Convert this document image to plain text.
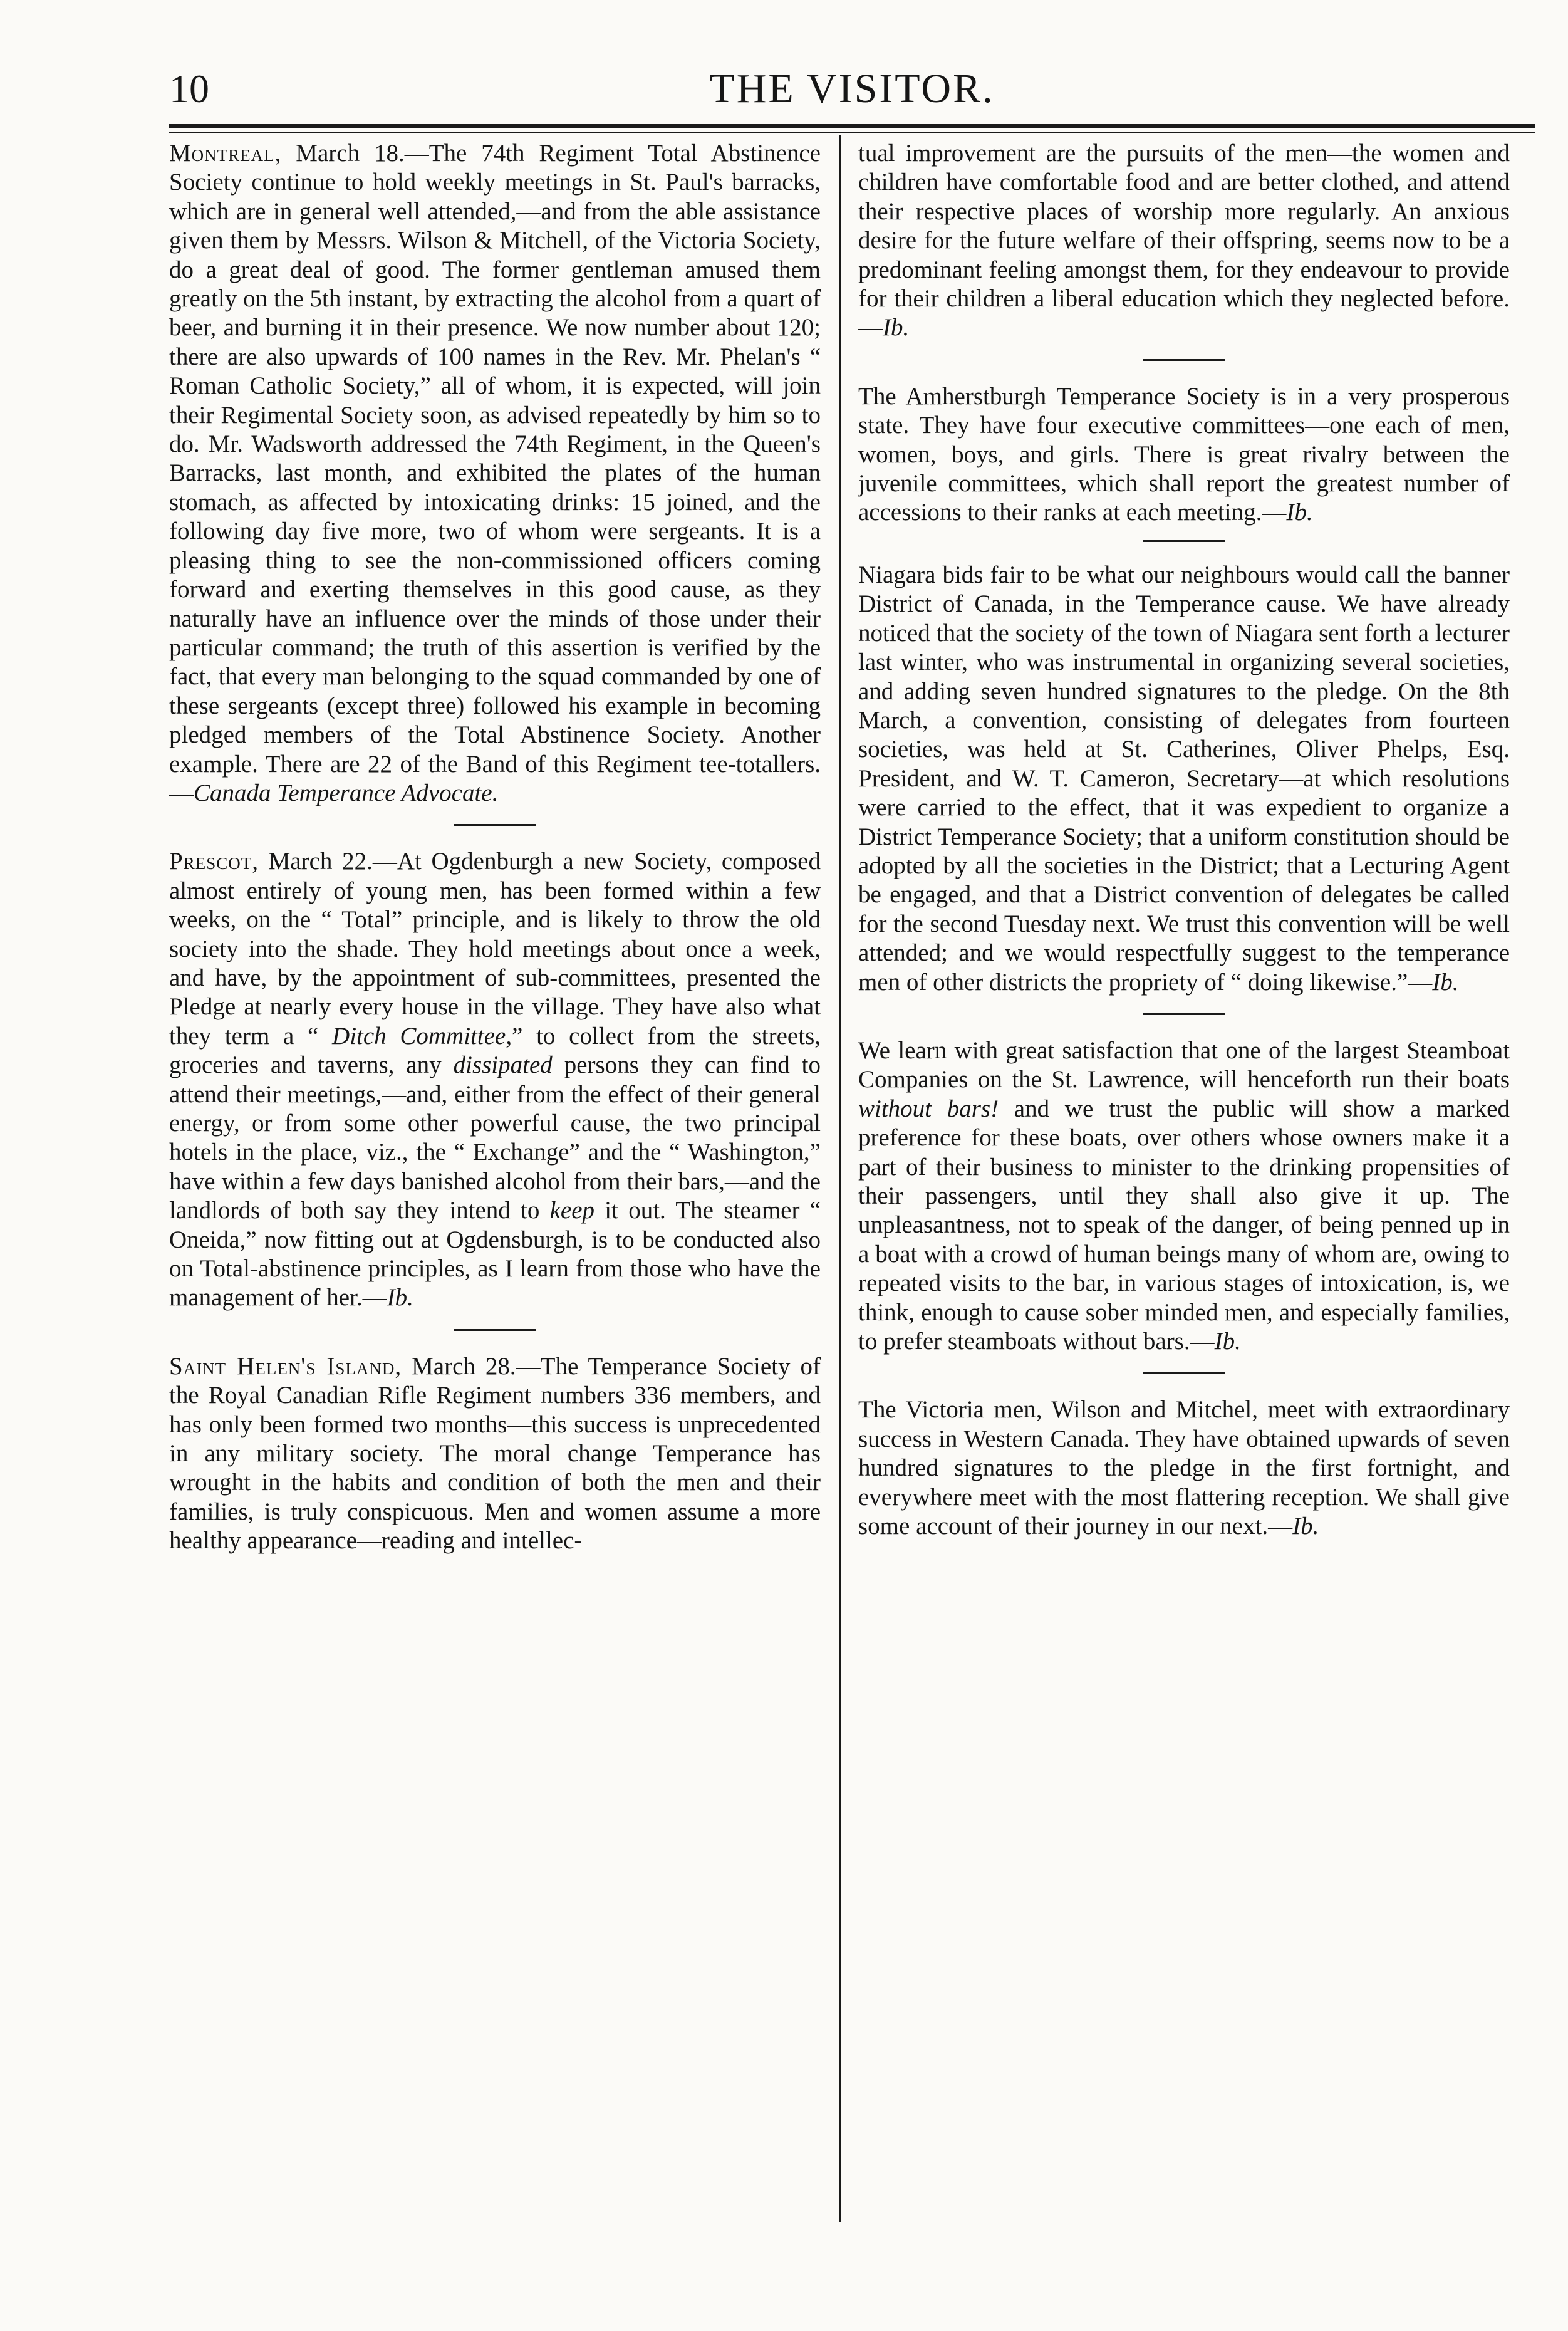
10	THE VISITOR.

Montreal, March 18.—The 74th Regiment Total Abstinence Society continue to hold weekly meetings in St. Paul's barracks, which are in general well attended,—and from the able assistance given them by Messrs. Wilson & Mitchell, of the Victoria Society, do a great deal of good. The former gentleman amused them greatly on the 5th instant, by extracting the alcohol from a quart of beer, and burning it in their presence. We now number about 120; there are also upwards of 100 names in the Rev. Mr. Phelan's “ Roman Catholic Society,” all of whom, it is expected, will join their Regimental Society soon, as advised repeatedly by him so to do. Mr. Wadsworth addressed the 74th Regiment, in the Queen's Barracks, last month, and exhibited the plates of the human stomach, as affected by intoxicating drinks: 15 joined, and the following day five more, two of whom were sergeants. It is a pleasing thing to see the non-commissioned officers coming forward and exerting themselves in this good cause, as they naturally have an influence over the minds of those under their particular command; the truth of this assertion is verified by the fact, that every man belonging to the squad commanded by one of these sergeants (except three) followed his example in becoming pledged members of the Total Abstinence Society. Another example. There are 22 of the Band of this Regiment tee-totallers.—Canada Temperance Advocate.

Prescot, March 22.—At Ogdenburgh a new Society, composed almost entirely of young men, has been formed within a few weeks, on the “ Total” principle, and is likely to throw the old society into the shade. They hold meetings about once a week, and have, by the appointment of sub-committees, presented the Pledge at nearly every house in the village. They have also what they term a “ Ditch Committee,” to collect from the streets, groceries and taverns, any dissipated persons they can find to attend their meetings,—and, either from the effect of their general energy, or from some other powerful cause, the two principal hotels in the place, viz., the “ Exchange” and the “ Washington,” have within a few days banished alcohol from their bars,—and the landlords of both say they intend to keep it out. The steamer “ Oneida,” now fitting out at Ogdensburgh, is to be conducted also on Total-abstinence principles, as I learn from those who have the management of her.—Ib.

Saint Helen's Island, March 28.—The Temperance Society of the Royal Canadian Rifle Regiment numbers 336 members, and has only been formed two months—this success is unprecedented in any military society. The moral change Temperance has wrought in the habits and condition of both the men and their families, is truly conspicuous. Men and women assume a more healthy appearance—reading and intellec-

tual improvement are the pursuits of the men—the women and children have comfortable food and are better clothed, and attend their respective places of worship more regularly. An anxious desire for the future welfare of their offspring, seems now to be a predominant feeling amongst them, for they endeavour to provide for their children a liberal education which they neglected before.—Ib.

The Amherstburgh Temperance Society is in a very prosperous state. They have four executive committees—one each of men, women, boys, and girls. There is great rivalry between the juvenile committees, which shall report the greatest number of accessions to their ranks at each meeting.—Ib.

Niagara bids fair to be what our neighbours would call the banner District of Canada, in the Temperance cause. We have already noticed that the society of the town of Niagara sent forth a lecturer last winter, who was instrumental in organizing several societies, and adding seven hundred signatures to the pledge. On the 8th March, a convention, consisting of delegates from fourteen societies, was held at St. Catherines, Oliver Phelps, Esq. President, and W. T. Cameron, Secretary—at which resolutions were carried to the effect, that it was expedient to organize a District Temperance Society; that a uniform constitution should be adopted by all the societies in the District; that a Lecturing Agent be engaged, and that a District convention of delegates be called for the second Tuesday next. We trust this convention will be well attended; and we would respectfully suggest to the temperance men of other districts the propriety of “ doing likewise.”—Ib.

We learn with great satisfaction that one of the largest Steamboat Companies on the St. Lawrence, will henceforth run their boats without bars! and we trust the public will show a marked preference for these boats, over others whose owners make it a part of their business to minister to the drinking propensities of their passengers, until they shall also give it up. The unpleasantness, not to speak of the danger, of being penned up in a boat with a crowd of human beings many of whom are, owing to repeated visits to the bar, in various stages of intoxication, is, we think, enough to cause sober minded men, and especially families, to prefer steamboats without bars.—Ib.

The Victoria men, Wilson and Mitchel, meet with extraordinary success in Western Canada. They have obtained upwards of seven hundred signatures to the pledge in the first fortnight, and everywhere meet with the most flattering reception. We shall give some account of their journey in our next.—Ib.
